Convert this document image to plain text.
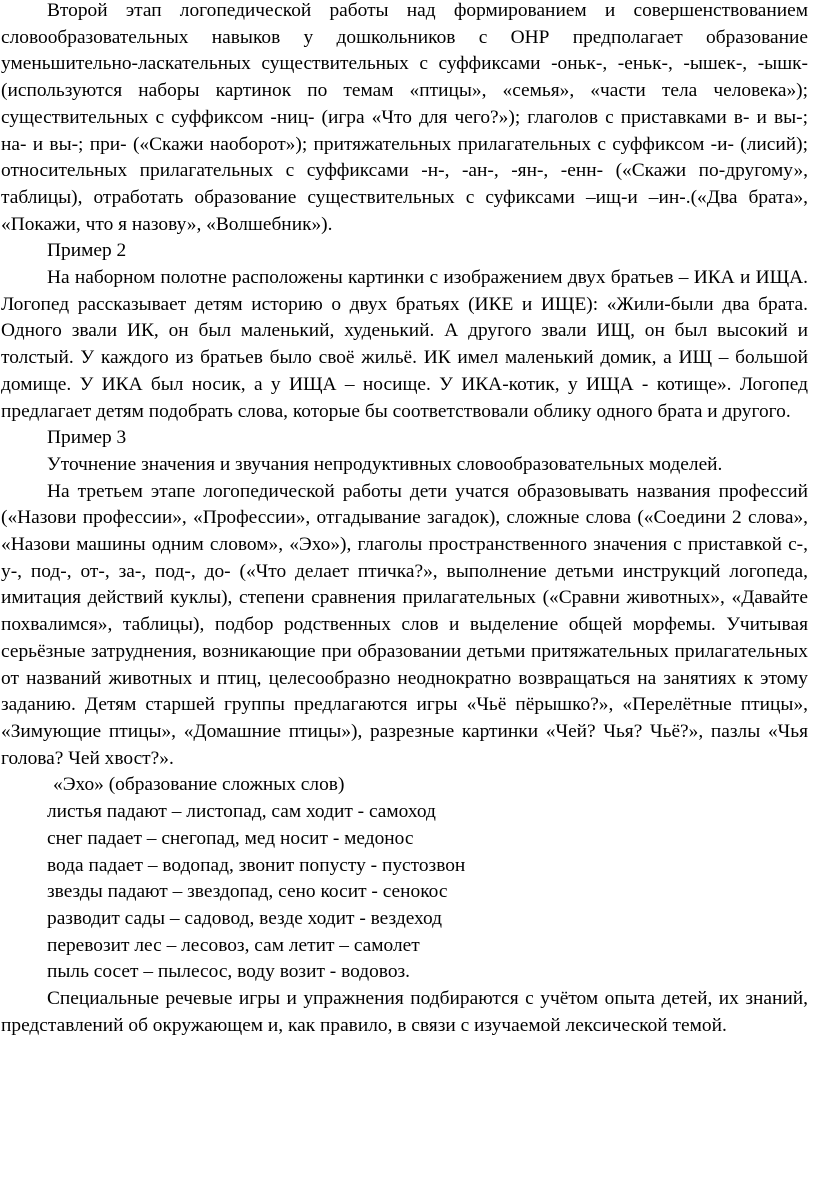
Второй этап логопедической работы над формированием и совершенствованием словообразовательных навыков у дошкольников с ОНР предполагает образование уменьшительно-ласкательных существительных с суффиксами -оньк-, -еньк-, -ышек-, -ышк- (используются наборы картинок по темам «птицы», «семья», «части тела человека»); существительных с суффиксом -ниц- (игра «Что для чего?»); глаголов с приставками в- и вы-; на- и вы-; при- («Скажи наоборот»); притяжательных прилагательных с суффиксом -и- (лисий); относительных прилагательных с суффиксами -н-, -ан-, -ян-, -енн- («Скажи по-другому», таблицы), отработать образование существительных с суфиксами –ищ-и –ин-.(«Два брата», «Покажи, что я назову», «Волшебник»).

Пример 2

На наборном полотне расположены картинки с изображением двух братьев – ИКА и ИЩА. Логопед рассказывает детям историю о двух братьях (ИКЕ и ИЩЕ): «Жили-были два брата. Одного звали ИК, он был маленький, худенький. А другого звали ИЩ, он был высокий и толстый. У каждого из братьев было своё жильё. ИК имел маленький домик, а ИЩ – большой домище. У ИКА был носик, а у ИЩА – носище. У ИКА-котик, у ИЩА - котище». Логопед предлагает детям подобрать слова, которые бы соответствовали облику одного брата и другого.

Пример 3

Уточнение значения и звучания непродуктивных словообразовательных моделей.

На третьем этапе логопедической работы дети учатся образовывать названия профессий («Назови профессии», «Профессии», отгадывание загадок), сложные слова («Соедини 2 слова», «Назови машины одним словом», «Эхо»), глаголы пространственного значения с приставкой с-, у-, под-, от-, за-, под-, до- («Что делает птичка?», выполнение детьми инструкций логопеда, имитация действий куклы), степени сравнения прилагательных («Сравни животных», «Давайте похвалимся», таблицы), подбор родственных слов и выделение общей морфемы. Учитывая серьёзные затруднения, возникающие при образовании детьми притяжательных прилагательных от названий животных и птиц, целесообразно неоднократно возвращаться на занятиях к этому заданию. Детям старшей группы предлагаются игры «Чьё пёрышко?», «Перелётные птицы», «Зимующие птицы», «Домашние птицы»), разрезные картинки «Чей? Чья? Чьё?», пазлы «Чья голова? Чей хвост?».

«Эхо» (образование сложных слов)

листья падают – листопад, сам ходит - самоход
снег падает – снегопад, мед носит - медонос
вода падает – водопад, звонит попусту - пустозвон
звезды падают – звездопад, сено косит - сенокос
разводит сады – садовод, везде ходит - вездеход
перевозит лес – лесовоз, сам летит – самолет
пыль сосет – пылесос, воду возит - водовоз.

Специальные речевые игры и упражнения подбираются с учётом опыта детей, их знаний, представлений об окружающем и, как правило, в связи с изучаемой лексической темой.
